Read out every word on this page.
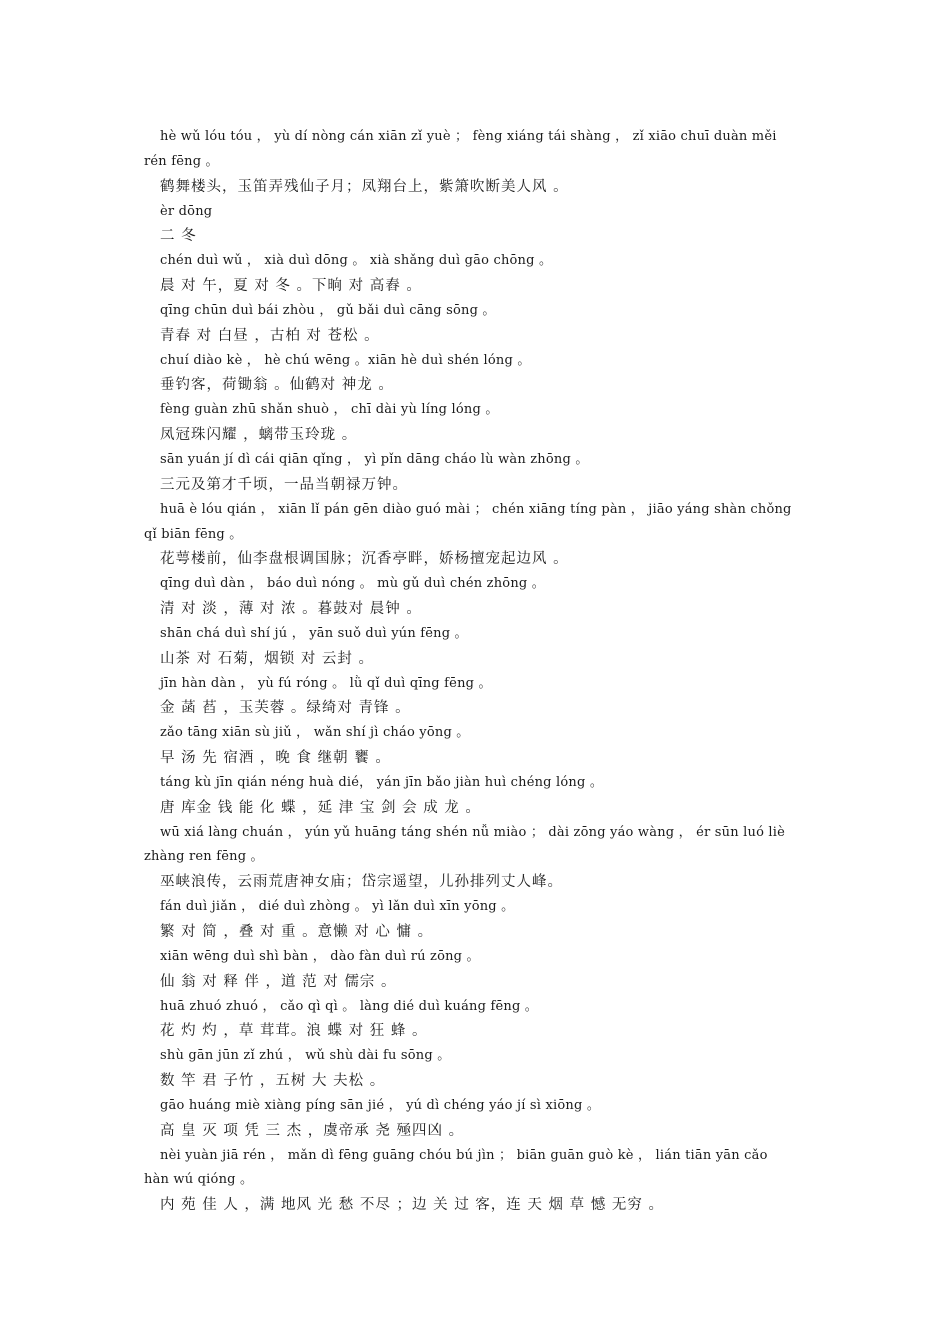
hè wǔ lóu tóu ， yù dí nòng cán xiān zǐ yuè ； fèng xiáng tái shàng ， zǐ xiāo chuī duàn měi rén fēng 。

鹤舞楼头，玉笛弄残仙子月；凤翔台上，紫箫吹断美人风 。

èr dōng

二 冬

chén duì wǔ ， xià duì dōng 。 xià shǎng duì gāo chōng 。

晨 对 午，夏 对 冬 。下晌 对 高舂 。

qīng chūn duì bái zhòu ， gǔ bǎi duì cāng sōng 。

青春 对 白昼 ，古柏 对 苍松 。

chuí diào kè ， hè chú wēng 。xiān hè duì shén lóng 。

垂钓客，荷锄翁 。仙鹤对 神龙 。

fèng guàn zhū shǎn shuò ， chī dài yù líng lóng 。

凤冠珠闪耀 ，螭带玉玲珑 。

sān yuán jí dì cái qiān qǐng ， yì pǐn dāng cháo lù wàn zhōng 。

三元及第才千顷，一品当朝禄万钟。

huā è lóu qián ， xiān lǐ pán gēn diào guó mài ； chén xiāng tíng pàn ， jiāo yáng shàn chǒng qǐ biān fēng 。

花萼楼前，仙李盘根调国脉；沉香亭畔，娇杨擅宠起边风 。

qīng duì dàn ， báo duì nóng 。 mù gǔ duì chén zhōng 。

清 对 淡 ，薄 对 浓 。暮鼓对 晨钟 。

shān chá duì shí jú ， yān suǒ duì yún fēng 。

山茶 对 石菊，烟锁 对 云封 。

jīn hàn dàn ， yù fú róng 。 lǜ qǐ duì qīng fēng 。

金 菡 萏 ，玉芙蓉 。绿绮对 青锋 。

zǎo tāng xiān sù jiǔ ， wǎn shí jì cháo yōng 。

早 汤 先 宿酒 ，晚 食 继朝 饔 。

táng kù jīn qián néng huà dié， yán jīn bǎo jiàn huì chéng lóng 。

唐 库金 钱 能 化 蝶 ，延 津 宝 剑 会 成 龙 。

wū xiá làng chuán ， yún yǔ huāng táng shén nǚ miào ； dài zōng yáo wàng ， ér sūn luó liè zhàng ren fēng 。

巫峡浪传，云雨荒唐神女庙；岱宗遥望，儿孙排列丈人峰。

fán duì jiǎn ， dié duì zhòng 。 yì lǎn duì xīn yōng 。

繁 对 简 ，叠 对 重 。意懒 对 心 慵 。

xiān wēng duì shì bàn ， dào fàn duì rú zōng 。

仙 翁 对 释 伴 ，道 范 对 儒宗 。

huā zhuó zhuó ， cǎo qì qì 。 làng dié duì kuáng fēng 。

花 灼 灼 ，草 茸茸。浪 蝶 对 狂 蜂 。

shù gān jūn zǐ zhú ， wǔ shù dài fu sōng 。

数 竿 君 子竹 ，五树 大 夫松 。

gāo huáng miè xiàng píng sān jié ， yú dì chéng yáo jí sì xiōng 。

高 皇 灭 项 凭 三 杰 ，虞帝承 尧 殛四凶 。

nèi yuàn jiā rén ， mǎn dì fēng guāng chóu bú jìn ； biān guān guò kè ， lián tiān yān cǎo hàn wú qióng 。

内 苑 佳 人 ，满 地风 光 愁 不尽 ；边 关 过 客，连 天 烟 草 憾 无穷 。
